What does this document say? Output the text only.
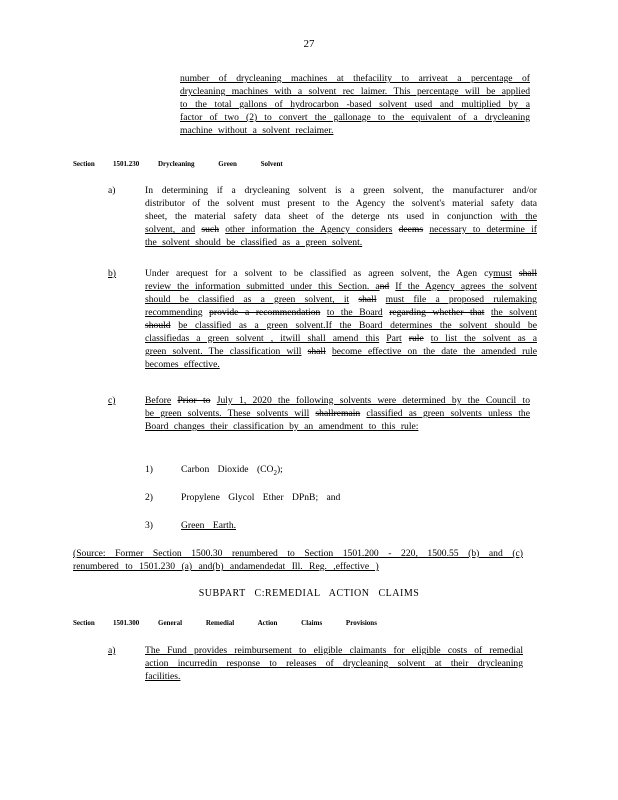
27
number of drycleaning machines at thefacility to arriveat a percentage of drycleaning machines with a solvent rec laimer. This percentage will be applied to the total gallons of hydrocarbon -based solvent used and multiplied by a factor of two (2) to convert the gallonage to the equivalent of a drycleaning machine without a solvent reclaimer.
Section	1501.230	Drycleaning Green Solvent
a)	In determining if a drycleaning solvent is a green solvent, the manufacturer and/or distributor of the solvent must present to the Agency the solvent's material safety data sheet, the material safety data sheet of the deterge nts used in conjunction with the solvent, and such other information the Agency considers deems necessary to determine if the solvent should be classified as a green solvent.
b)	Under arequest for a solvent to be classified as agreen solvent, the Agen cymust shall review the information submitted under this Section. and If the Agency agrees the solvent should be classified as a green solvent, it shall must file a proposed rulemaking recommending provide a recommendation to the Board regarding whether that the solvent should be classified as a green solvent.If the Board determines the solvent should be classifiedas a green solvent , itwill shall amend this Part rule to list the solvent as a green solvent. The classification will shall become effective on the date the amended rule becomes effective.
c)	Before Prior to July 1, 2020 the following solvents were determined by the Council to be green solvents. These solvents will shallremain classified as green solvents unless the Board changes their classification by an amendment to this rule:
1)	Carbon Dioxide $(CO_2)$;
2)	Propylene Glycol Ether DPnB; and
3)	Green Earth.
(Source: Former Section 1500.30 renumbered to Section 1501.200 - 220, 1500.55 (b) and (c) renumbered to 1501.230 (a) and(b) andamendedat Ill. Reg. ,effective )
SUBPART C:REMEDIAL ACTION CLAIMS
Section	1501.300	General Remedial Action Claims Provisions
a)	The Fund provides reimbursement to eligible claimants for eligible costs of remedial action incurredin response to releases of drycleaning solvent at their drycleaning facilities.
